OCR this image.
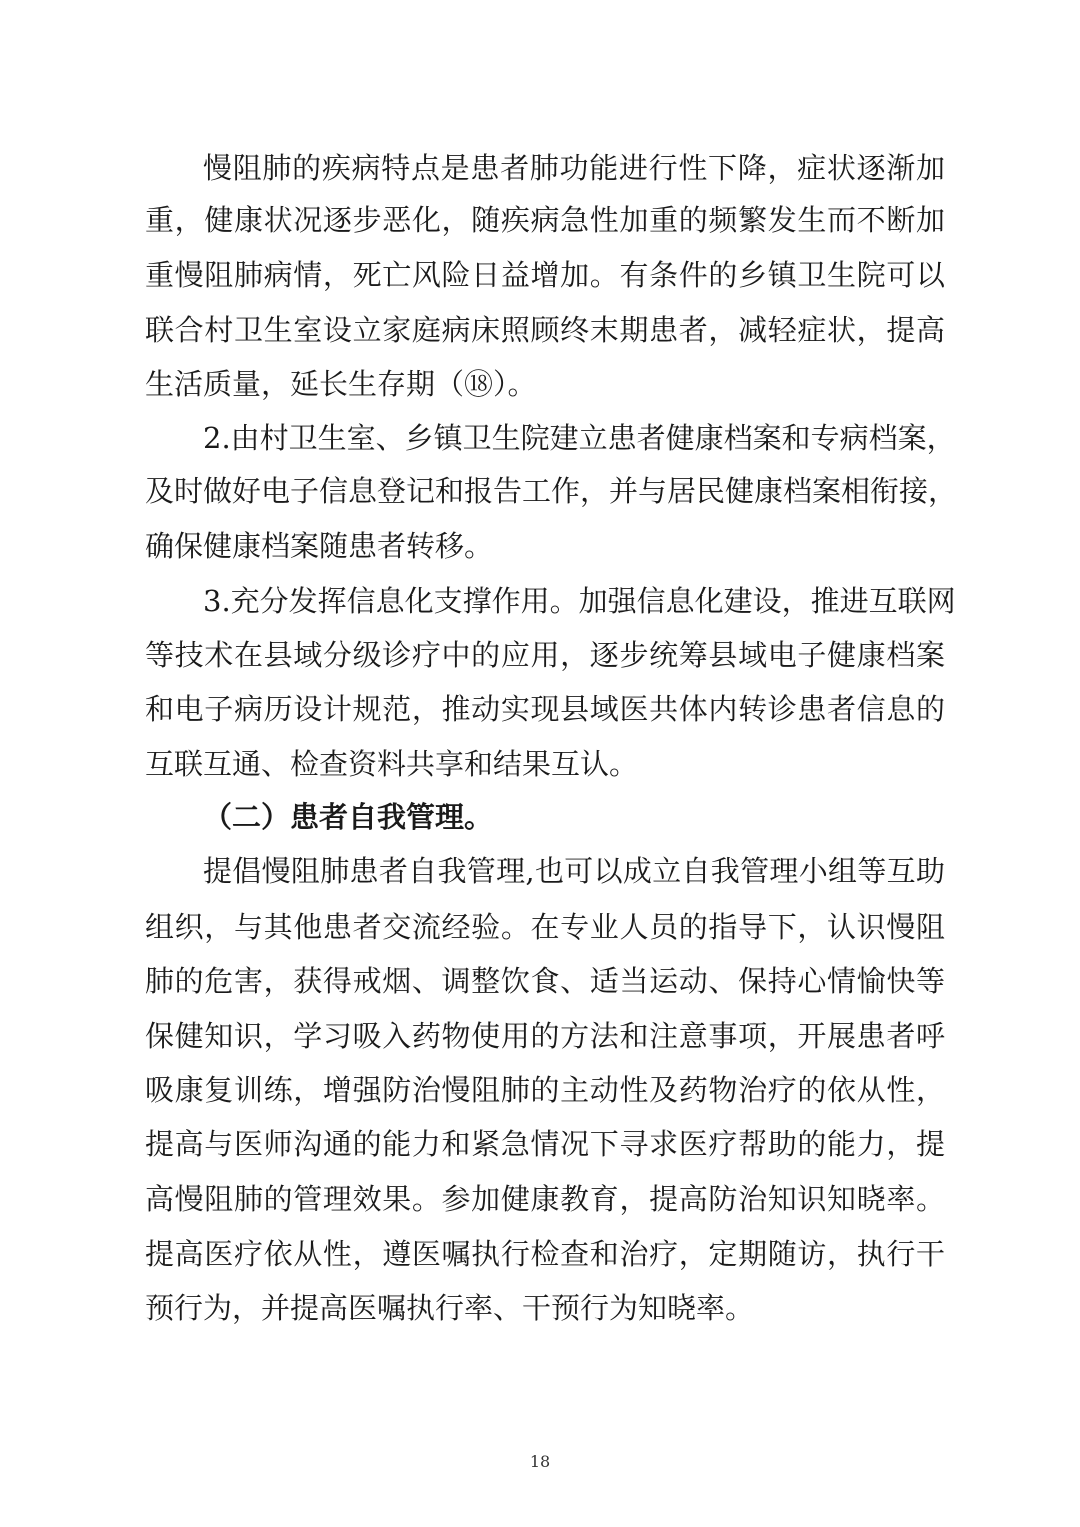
慢阻肺的疾病特点是患者肺功能进行性下降，症状逐渐加
重，健康状况逐步恶化，随疾病急性加重的频繁发生而不断加
重慢阻肺病情，死亡风险日益增加。有条件的乡镇卫生院可以
联合村卫生室设立家庭病床照顾终末期患者，减轻症状，提高
生活质量，延长生存期（⑱）。
2.由村卫生室、乡镇卫生院建立患者健康档案和专病档案，
及时做好电子信息登记和报告工作，并与居民健康档案相衔接，
确保健康档案随患者转移。
3.充分发挥信息化支撑作用。加强信息化建设，推进互联网
等技术在县域分级诊疗中的应用，逐步统筹县域电子健康档案
和电子病历设计规范，推动实现县域医共体内转诊患者信息的
互联互通、检查资料共享和结果互认。
（二）患者自我管理。
提倡慢阻肺患者自我管理,也可以成立自我管理小组等互助
组织，与其他患者交流经验。在专业人员的指导下，认识慢阻
肺的危害，获得戒烟、调整饮食、适当运动、保持心情愉快等
保健知识，学习吸入药物使用的方法和注意事项，开展患者呼
吸康复训练，增强防治慢阻肺的主动性及药物治疗的依从性，
提高与医师沟通的能力和紧急情况下寻求医疗帮助的能力，提
高慢阻肺的管理效果。参加健康教育，提高防治知识知晓率。
提高医疗依从性，遵医嘱执行检查和治疗，定期随访，执行干
预行为，并提高医嘱执行率、干预行为知晓率。
18
